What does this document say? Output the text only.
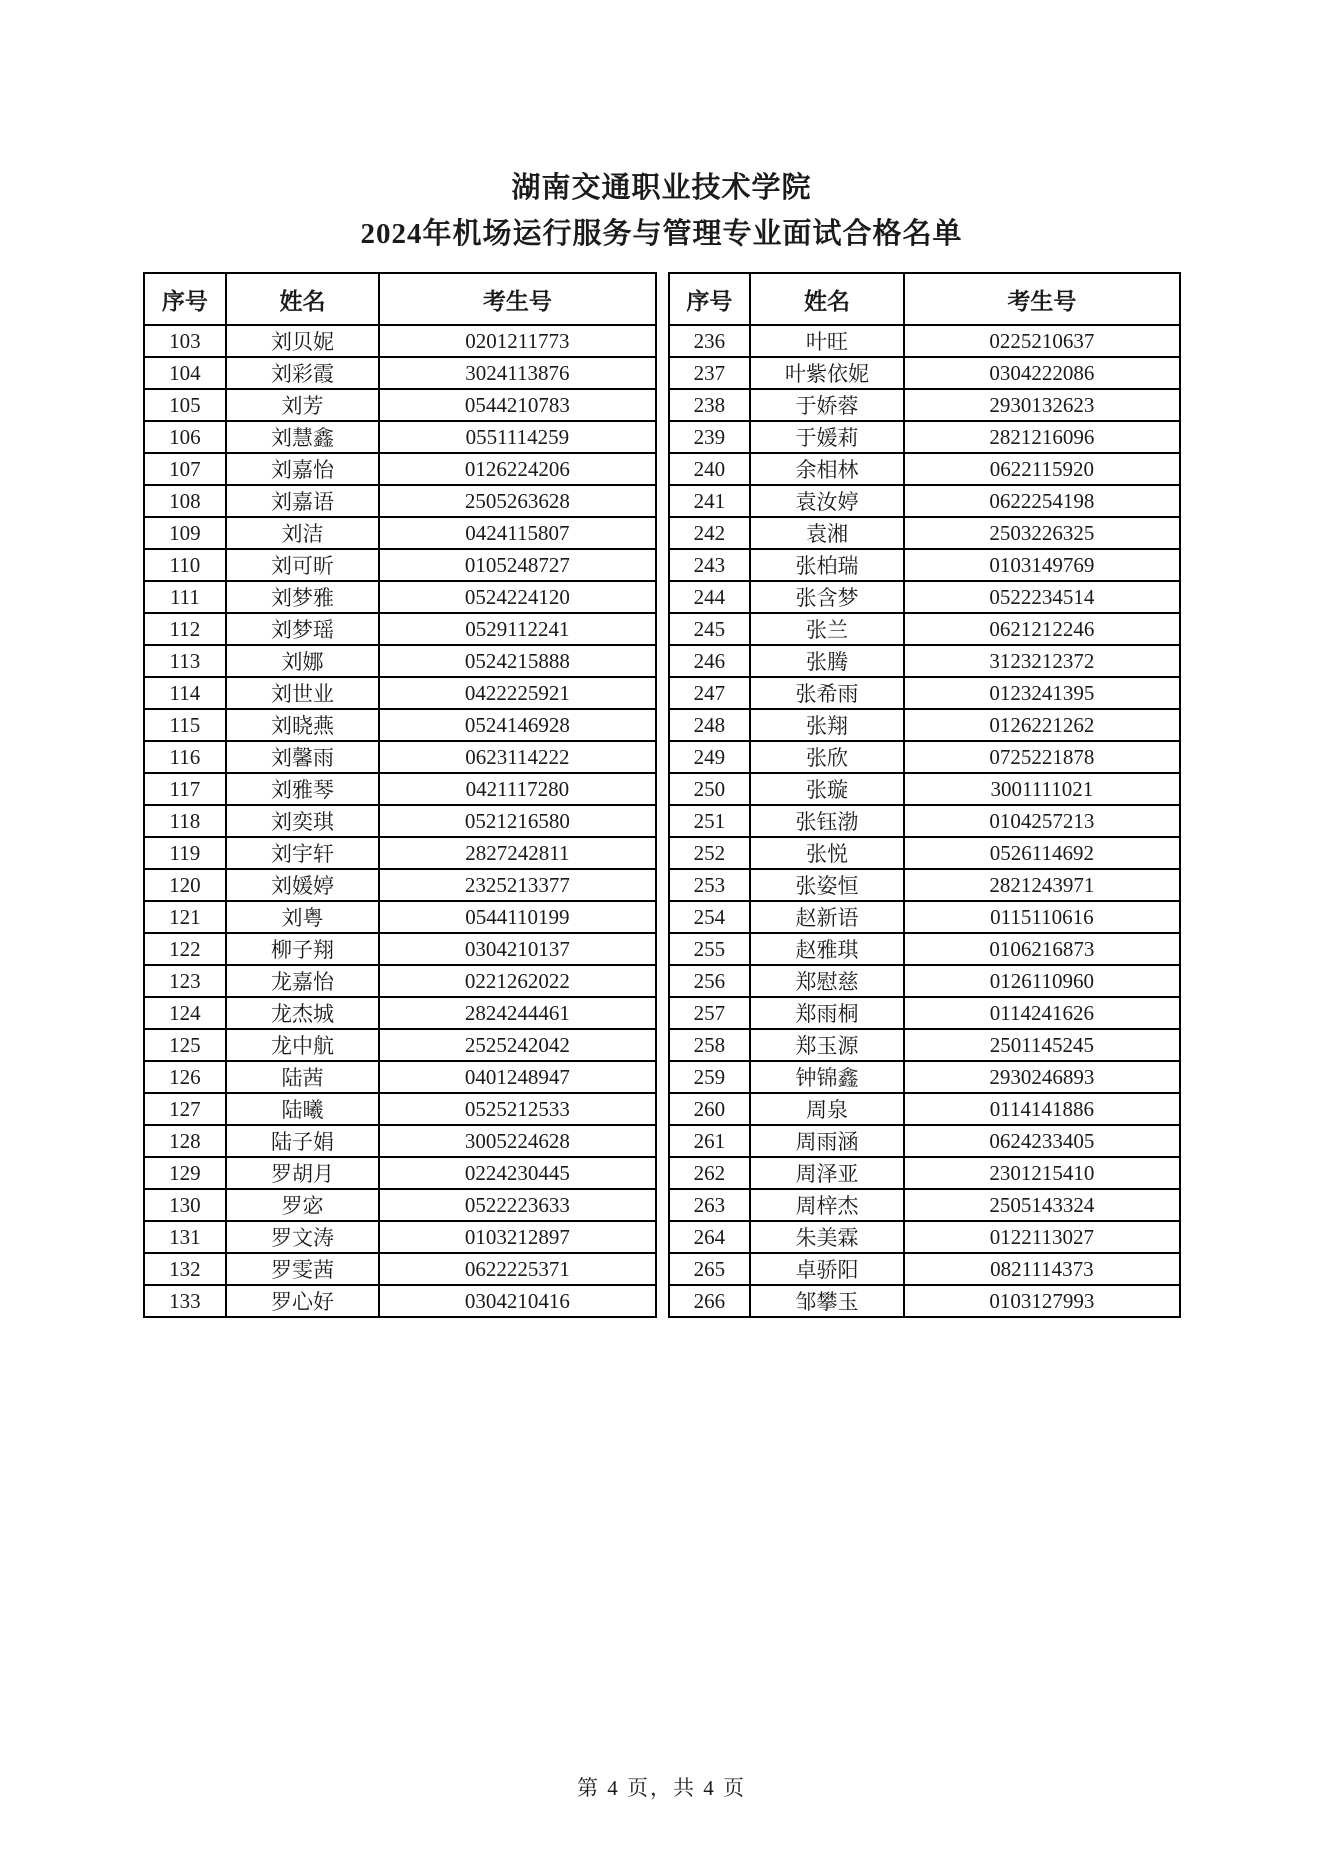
湖南交通职业技术学院
2024年机场运行服务与管理专业面试合格名单
序号	姓名	考生号
103	刘贝妮	0201211773
104	刘彩霞	3024113876
105	刘芳	0544210783
106	刘慧鑫	0551114259
107	刘嘉怡	0126224206
108	刘嘉语	2505263628
109	刘洁	0424115807
110	刘可昕	0105248727
111	刘梦雅	0524224120
112	刘梦瑶	0529112241
113	刘娜	0524215888
114	刘世业	0422225921
115	刘晓燕	0524146928
116	刘馨雨	0623114222
117	刘雅琴	0421117280
118	刘奕琪	0521216580
119	刘宇轩	2827242811
120	刘媛婷	2325213377
121	刘粤	0544110199
122	柳子翔	0304210137
123	龙嘉怡	0221262022
124	龙杰城	2824244461
125	龙中航	2525242042
126	陆茜	0401248947
127	陆曦	0525212533
128	陆子娟	3005224628
129	罗胡月	0224230445
130	罗宓	0522223633
131	罗文涛	0103212897
132	罗雯茜	0622225371
133	罗心好	0304210416
序号	姓名	考生号
236	叶旺	0225210637
237	叶紫依妮	0304222086
238	于娇蓉	2930132623
239	于媛莉	2821216096
240	余相林	0622115920
241	袁汝婷	0622254198
242	袁湘	2503226325
243	张柏瑞	0103149769
244	张含梦	0522234514
245	张兰	0621212246
246	张腾	3123212372
247	张希雨	0123241395
248	张翔	0126221262
249	张欣	0725221878
250	张璇	3001111021
251	张钰渤	0104257213
252	张悦	0526114692
253	张姿恒	2821243971
254	赵新语	0115110616
255	赵雅琪	0106216873
256	郑慰慈	0126110960
257	郑雨桐	0114241626
258	郑玉源	2501145245
259	钟锦鑫	2930246893
260	周泉	0114141886
261	周雨涵	0624233405
262	周泽亚	2301215410
263	周梓杰	2505143324
264	朱美霖	0122113027
265	卓骄阳	0821114373
266	邹攀玉	0103127993
第 4 页，共 4 页
